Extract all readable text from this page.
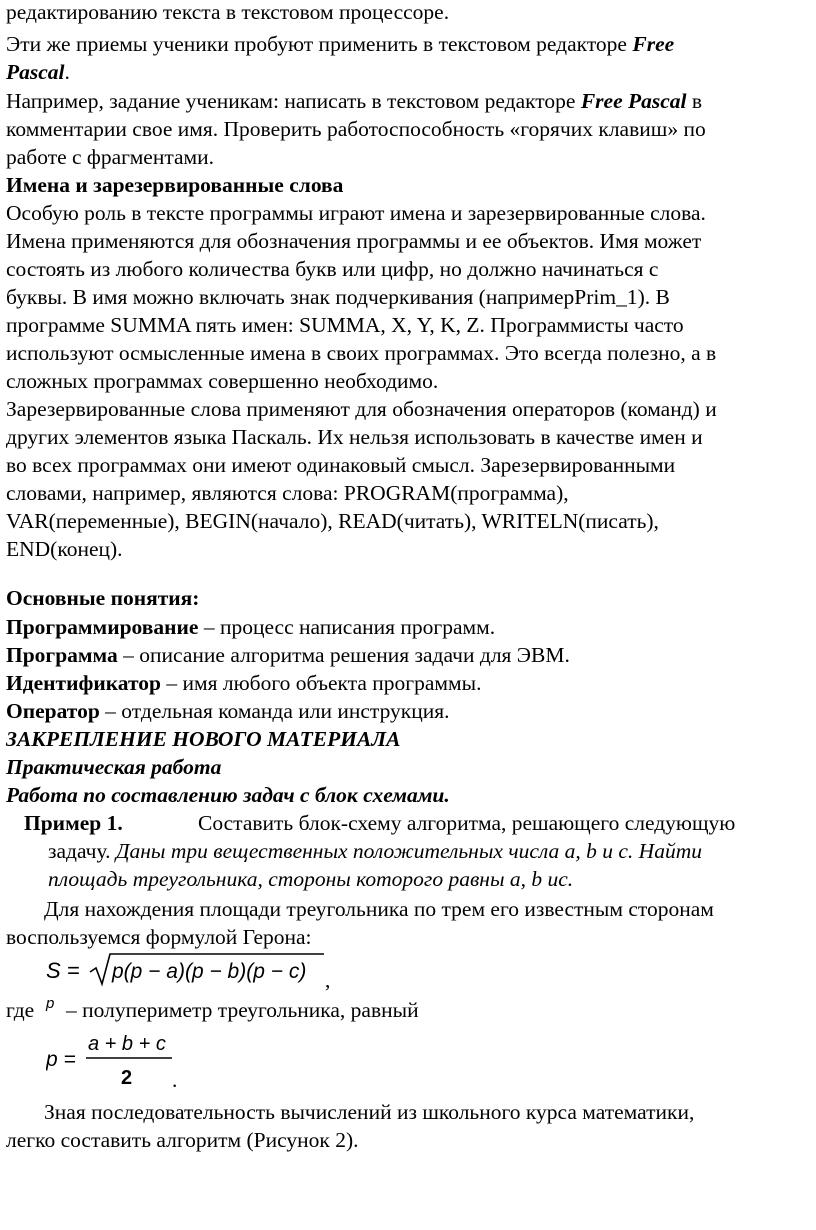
редактированию текста в текстовом процессоре.
Эти же приемы ученики пробуют применить в текстовом редакторе Free
Pascal.
Например, задание ученикам: написать в текстовом редакторе Free Pascal в
комментарии свое имя. Проверить работоспособность «горячих клавиш» по
работе с фрагментами.
Имена и зарезервированные слова
Особую роль в тексте программы играют имена и зарезервированные слова.
Имена применяются для обозначения программы и ее объектов. Имя может
состоять из любого количества букв или цифр, но должно начинаться с
буквы. В имя можно включать знак подчеркивания (напримерPrim_1). В
программе SUMMA пять имен: SUMMA, X, Y, K, Z. Программисты часто
используют осмысленные имена в своих программах. Это всегда полезно, а в
сложных программах совершенно необходимо.
Зарезервированные слова применяют для обозначения операторов (команд) и
других элементов языка Паскаль. Их нельзя использовать в качестве имен и
во всех программах они имеют одинаковый смысл. Зарезервированными
словами, например, являются слова: PROGRAM(программа),
VAR(переменные), BEGIN(начало), READ(читать), WRITELN(писать),
END(конец).
Основные понятия:
Программирование – процесс написания программ.
Программа – описание алгоритма решения задачи для ЭВМ.
Идентификатор – имя любого объекта программы.
Оператор – отдельная команда или инструкция.
ЗАКРЕПЛЕНИЕ НОВОГО МАТЕРИАЛА
Практическая работа
Работа по составлению задач с блок схемами.
Пример 1.	Составить блок-схему алгоритма, решающего следующую
задачу. Даны три вещественных положительных числа a, b и с. Найти
площадь треугольника, стороны которого равны a, b ис.
Для нахождения площади треугольника по трем его известным сторонам
воспользуемся формулой Герона:
S = p(p − a)(p − b)(p − c) ,
где p – полупериметр треугольника, равный
p =
a + b + c
2 .
Зная последовательность вычислений из школьного курса математики,
легко составить алгоритм (Рисунок 2).
